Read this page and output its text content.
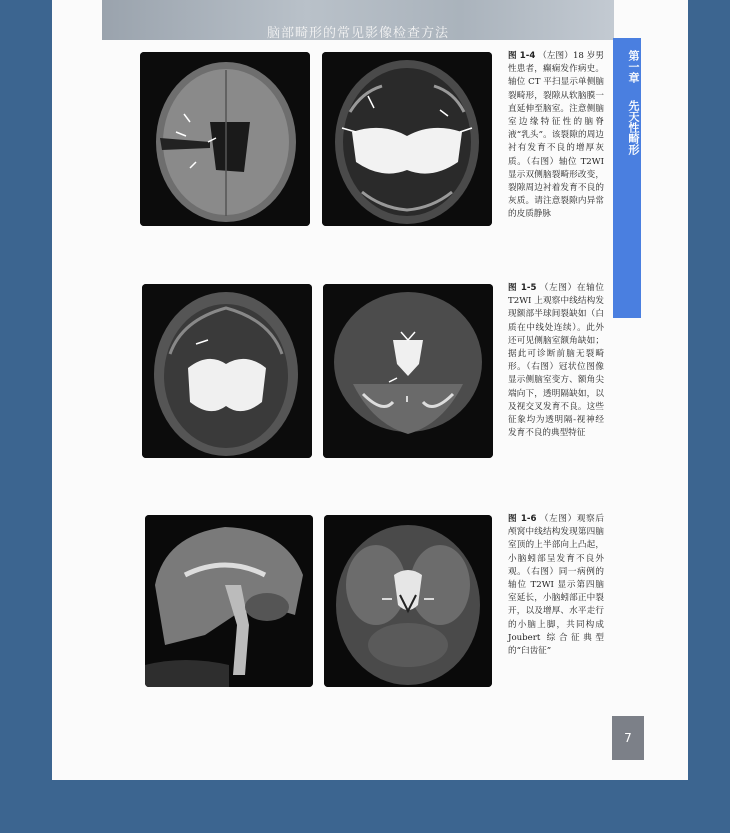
脑部畸形的常见影像检查方法
第一章
先天性畸形
图 1-4 （左图）18 岁男性患者，癫痫发作病史。轴位 CT 平扫显示单侧脑裂畸形，裂隙从软脑膜一直延伸至脑室。注意侧脑室边缘特征性的脑脊液“乳头”。该裂隙的周边衬有发育不良的增厚灰质。（右图）轴位 T2WI 显示双侧脑裂畸形改变，裂隙周边衬着发育不良的灰质。请注意裂隙内异常的皮质静脉
图 1-5 （左图）在轴位 T2WI 上观察中线结构发现额部半球间裂缺如（白质在中线处连续）。此外还可见侧脑室额角缺如；据此可诊断前脑无裂畸形。（右图）冠状位图像显示侧脑室变方、额角尖端向下，透明隔缺如，以及视交叉发育不良。这些征象均为透明隔-视神经发育不良的典型特征
图 1-6 （左图）观察后颅窝中线结构发现第四脑室顶的上半部向上凸起，小脑蚓部呈发育不良外观。（右图）同一病例的轴位 T2WI 显示第四脑室延长，小脑蚓部正中裂开，以及增厚、水平走行的小脑上脚，共同构成 Joubert 综合征典型的“臼齿征”
7
